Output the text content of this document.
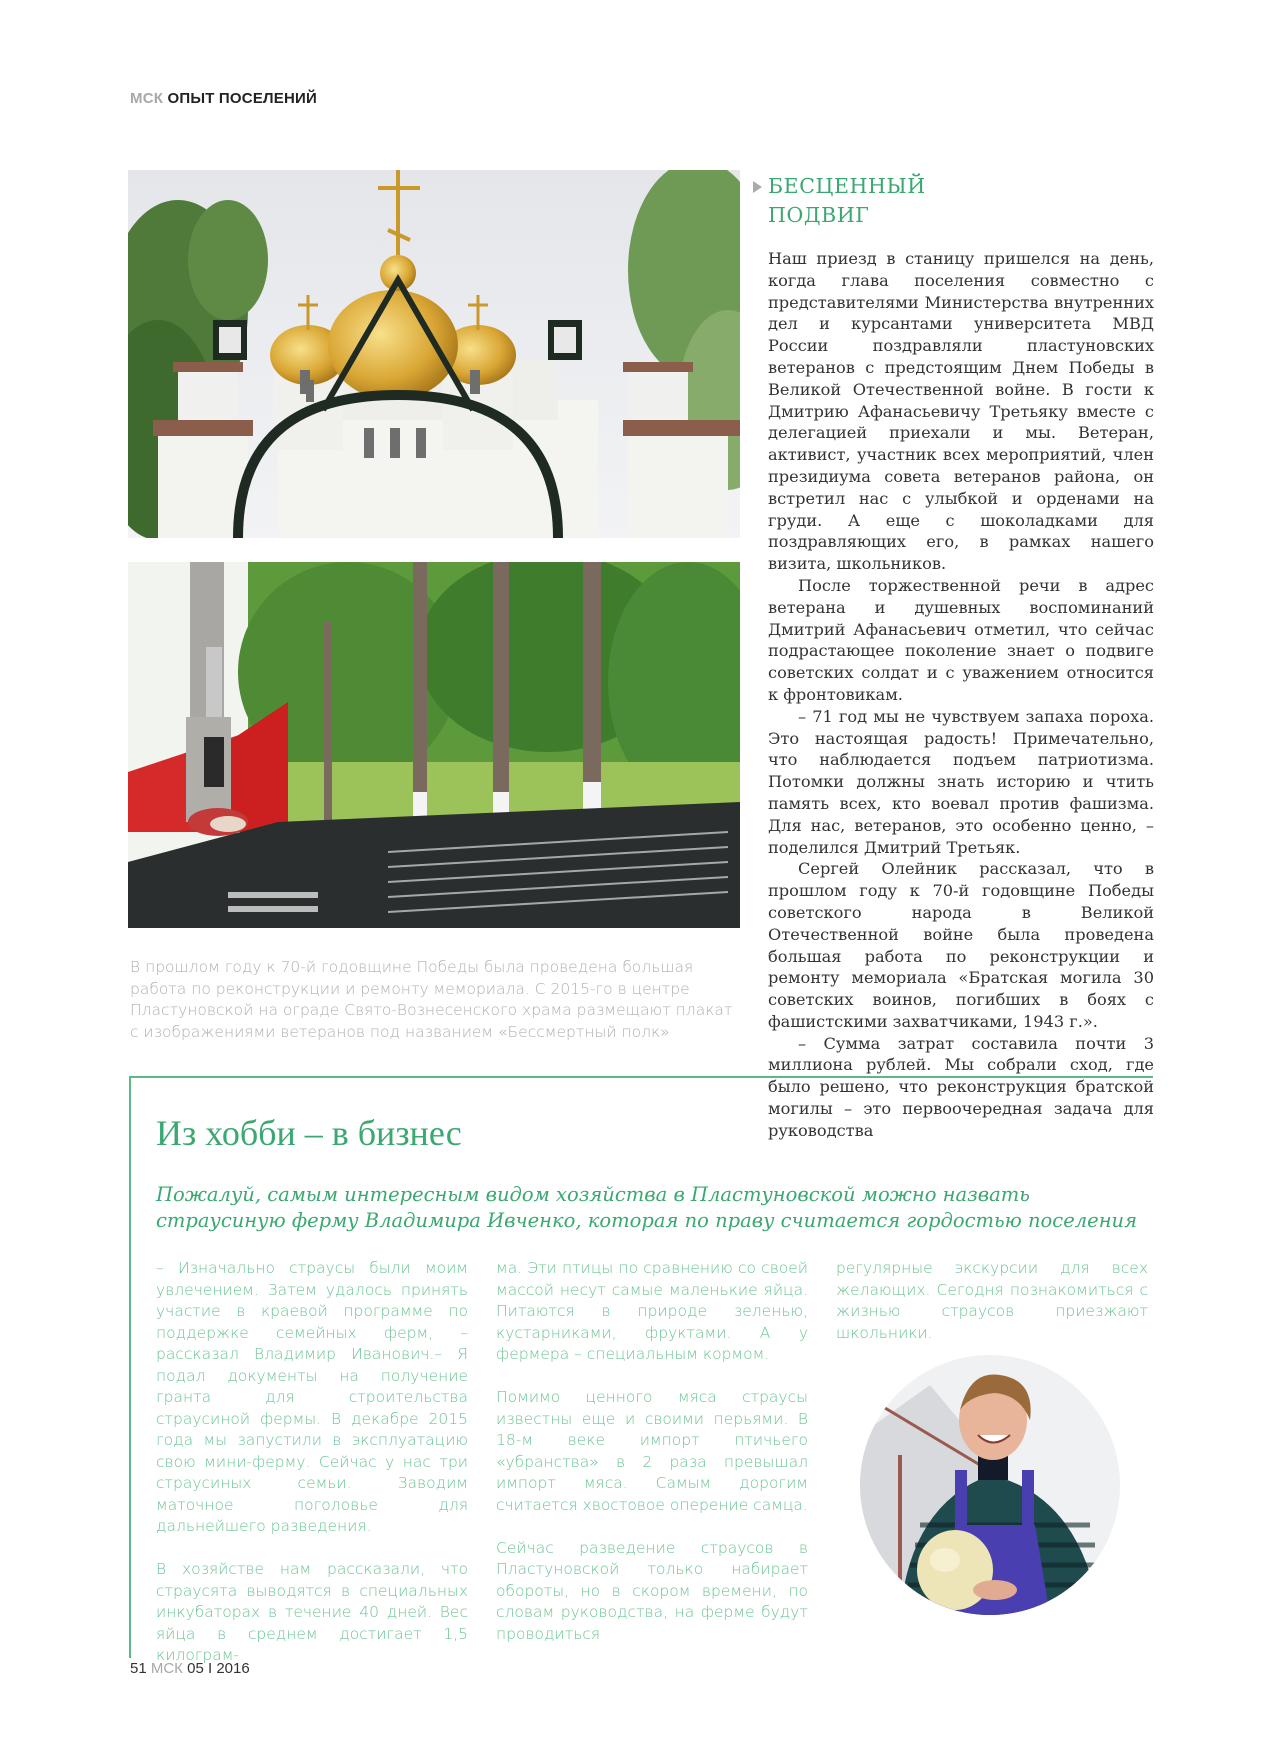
МСК ОПЫТ ПОСЕЛЕНИЙ
В прошлом году к 70-й годовщине Победы была проведена большая работа по реконструкции и ремонту мемориала. С 2015-го в центре Пластуновской на ограде Свято-Вознесенского храма размещают плакат с изображениями ветеранов под названием «Бессмертный полк»
БЕСЦЕННЫЙ
ПОДВИГ

Наш приезд в станицу пришелся на день, когда глава поселения совместно с представителями Министерства внутренних дел и курсантами университета МВД России поздравляли пластуновских ветеранов с предстоящим Днем Победы в Великой Отечественной войне. В гости к Дмитрию Афанасьевичу Третьяку вместе с делегацией приехали и мы. Ветеран, активист, участник всех мероприятий, член президиума совета ветеранов района, он встретил нас с улыбкой и орденами на груди. А еще с шоколадками для поздравляющих его, в рамках нашего визита, школьников.

После торжественной речи в адрес ветерана и душевных воспоминаний Дмитрий Афанасьевич отметил, что сейчас подрастающее поколение знает о подвиге советских солдат и с уважением относится к фронтовикам.

– 71 год мы не чувствуем запаха пороха. Это настоящая радость! Примечательно, что наблюдается подъем патриотизма. Потомки должны знать историю и чтить память всех, кто воевал против фашизма. Для нас, ветеранов, это особенно ценно, – поделился Дмитрий Третьяк.

Сергей Олейник рассказал, что в прошлом году к 70-й годовщине Победы советского народа в Великой Отечественной войне была проведена большая работа по реконструкции и ремонту мемориала «Братская могила 30 советских воинов, погибших в боях с фашистскими захватчиками, 1943 г.».

– Сумма затрат составила почти 3 миллиона рублей. Мы собрали сход, где было решено, что реконструкция братской могилы – это первоочередная задача для руководства

Из хобби – в бизнес
Пожалуй, самым интересным видом хозяйства в Пластуновской можно назвать страусиную ферму Владимира Ивченко, которая по праву считается гордостью поселения

– Изначально страусы были моим увлечением. Затем удалось принять участие в краевой программе по поддержке семейных ферм, – рассказал Владимир Иванович.– Я подал документы на получение гранта для строительства страусиной фермы. В декабре 2015 года мы запустили в эксплуатацию свою мини-ферму. Сейчас у нас три страусиных семьи. Заводим маточное поголовье для дальнейшего разведения.

В хозяйстве нам рассказали, что страусята выводятся в специальных инкубаторах в течение 40 дней. Вес яйца в среднем достигает 1,5 килограм-

ма. Эти птицы по сравнению со своей массой несут самые маленькие яйца. Питаются в природе зеленью, кустарниками, фруктами. А у фермера – специальным кормом.

Помимо ценного мяса страусы известны еще и своими перьями. В 18-м веке импорт птичьего «убранства» в 2 раза превышал импорт мяса. Самым дорогим считается хвостовое оперение самца.

Сейчас разведение страусов в Пластуновской только набирает обороты, но в скором времени, по словам руководства, на ферме будут проводиться

регулярные экскурсии для всех желающих. Сегодня познакомиться с жизнью страусов приезжают школьники.

51 МСК 05 I 2016
